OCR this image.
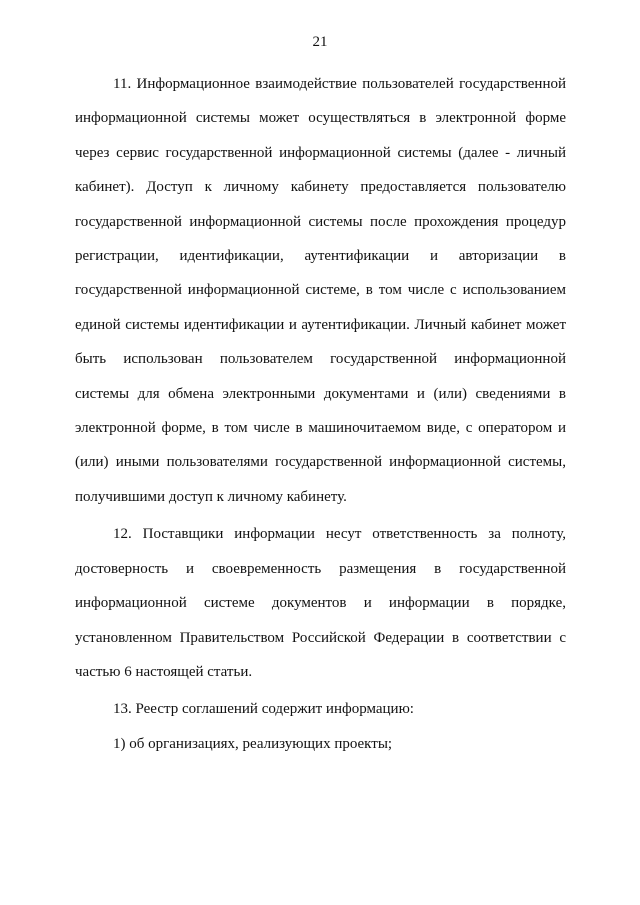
21

11. Информационное взаимодействие пользователей государственной информационной системы может осуществляться в электронной форме через сервис государственной информационной системы (далее - личный кабинет). Доступ к личному кабинету предоставляется пользователю государственной информационной системы после прохождения процедур регистрации, идентификации, аутентификации и авторизации в государственной информационной системе, в том числе с использованием единой системы идентификации и аутентификации. Личный кабинет может быть использован пользователем государственной информационной системы для обмена электронными документами и (или) сведениями в электронной форме, в том числе в машиночитаемом виде, с оператором и (или) иными пользователями государственной информационной системы, получившими доступ к личному кабинету.

12. Поставщики информации несут ответственность за полноту, достоверность и своевременность размещения в государственной информационной системе документов и информации в порядке, установленном Правительством Российской Федерации в соответствии с частью 6 настоящей статьи.

13. Реестр соглашений содержит информацию:

1) об организациях, реализующих проекты;
